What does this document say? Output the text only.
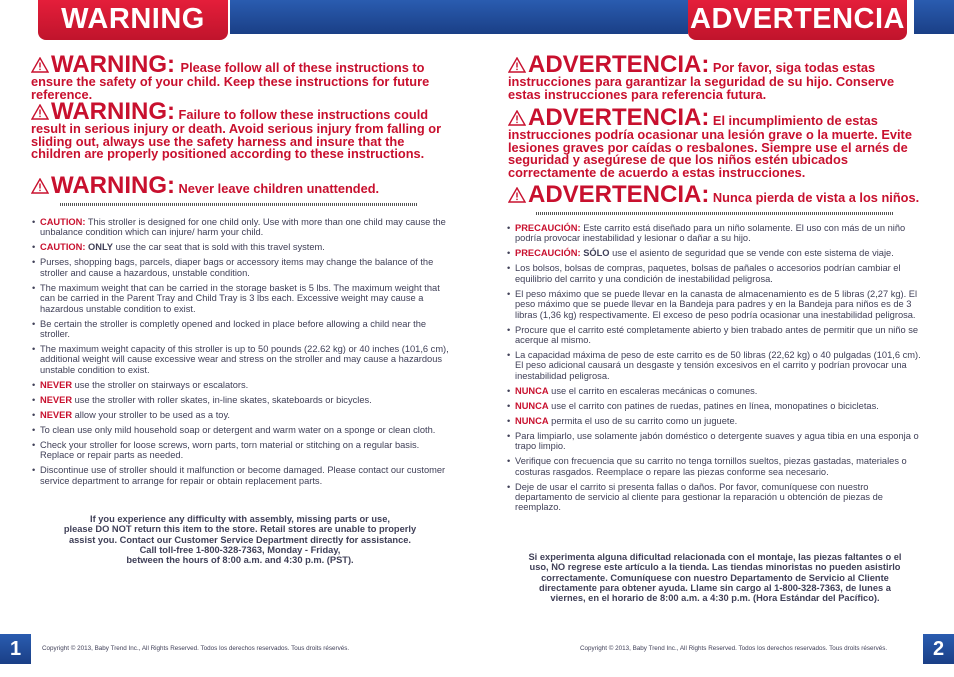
WARNING
WARNING: Please follow all of these instructions to ensure the safety of your child. Keep these instructions for future reference.
WARNING: Failure to follow these instructions could result in serious injury or death. Avoid serious injury from falling or sliding out, always use the safety harness and insure that the children are properly positioned according to these instructions.
WARNING: Never leave children unattended.
• CAUTION: This stroller is designed for one child only. Use with more than one child may cause the unbalance condition which can injure/ harm your child.
• CAUTION: ONLY use the car seat that is sold with this travel system.
• Purses, shopping bags, parcels, diaper bags or accessory items may change the balance of the stroller and cause a hazardous, unstable condition.
• The maximum weight that can be carried in the storage basket is 5 lbs. The maximum weight that can be carried in the Parent Tray and Child Tray is 3 lbs each. Excessive weight may cause a hazardous unstable condition to exist.
• Be certain the stroller is completly opened and locked in place before allowing a child near the stroller.
• The maximum weight capacity of this stroller is up to 50 pounds (22.62 kg) or 40 inches (101,6 cm), additional weight will cause excessive wear and stress on the stroller and may cause a hazardous unstable condition to exist.
• NEVER use the stroller on stairways or escalators.
• NEVER use the stroller with roller skates, in-line skates, skateboards or bicycles.
• NEVER allow your stroller to be used as a toy.
• To clean use only mild household soap or detergent and warm water on a sponge or clean cloth.
• Check your stroller for loose screws, worn parts, torn material or stitching on a regular basis. Replace or repair parts as needed.
• Discontinue use of stroller should it malfunction or become damaged. Please contact our customer service department to arrange for repair or obtain replacement parts.
If you experience any difficulty with assembly, missing parts or use,
please DO NOT return this item to the store. Retail stores are unable to properly
assist you. Contact our Customer Service Department directly for assistance.
Call toll-free 1-800-328-7363, Monday - Friday,
between the hours of 8:00 a.m. and 4:30 p.m. (PST).
1	Copyright © 2013, Baby Trend Inc., All Rights Reserved. Todos los derechos reservados. Tous droits réservés.
ADVERTENCIA
ADVERTENCIA: Por favor, siga todas estas instrucciones para garantizar la seguridad de su hijo. Conserve estas instrucciones para referencia futura.
ADVERTENCIA: El incumplimiento de estas instrucciones podría ocasionar una lesión grave o la muerte. Evite lesiones graves por caídas o resbalones. Siempre use el arnés de seguridad y asegúrese de que los niños estén ubicados correctamente de acuerdo a estas instrucciones.
ADVERTENCIA: Nunca pierda de vista a los niños.
• PRECAUCIÓN: Este carrito está diseñado para un niño solamente. El uso con más de un niño podría provocar inestabilidad y lesionar o dañar a su hijo.
• PRECAUCIÓN: SÓLO use el asiento de seguridad que se vende con este sistema de viaje.
• Los bolsos, bolsas de compras, paquetes, bolsas de pañales o accesorios podrían cambiar el equilibrio del carrito y una condición de inestabilidad peligrosa.
• El peso máximo que se puede llevar en la canasta de almacenamiento es de 5 libras (2,27 kg). El peso máximo que se puede llevar en la Bandeja para padres y en la Bandeja para niños es de 3 libras (1,36 kg) respectivamente. El exceso de peso podría ocasionar una inestabilidad peligrosa.
• Procure que el carrito esté completamente abierto y bien trabado antes de permitir que un niño se acerque al mismo.
• La capacidad máxima de peso de este carrito es de 50 libras (22,62 kg) o 40 pulgadas (101,6 cm). El peso adicional causará un desgaste y tensión excesivos en el carrito y podrían provocar una inestabilidad peligrosa.
• NUNCA use el carrito en escaleras mecánicas o comunes.
• NUNCA use el carrito con patines de ruedas, patines en línea, monopatines o bicicletas.
• NUNCA permita el uso de su carrito como un juguete.
• Para limpiarlo, use solamente jabón doméstico o detergente suaves y agua tibia en una esponja o trapo limpio.
• Verifique con frecuencia que su carrito no tenga tornillos sueltos, piezas gastadas, materiales o costuras rasgados. Reemplace o repare las piezas conforme sea necesario.
• Deje de usar el carrito si presenta fallas o daños. Por favor, comuníquese con nuestro departamento de servicio al cliente para gestionar la reparación u obtención de piezas de reemplazo.
Si experimenta alguna dificultad relacionada con el montaje, las piezas faltantes o el
uso, NO regrese este artículo a la tienda. Las tiendas minoristas no pueden asistirlo
correctamente. Comuníquese con nuestro Departamento de Servicio al Cliente
directamente para obtener ayuda. Llame sin cargo al 1-800-328-7363, de lunes a
viernes, en el horario de 8:00 a.m. a 4:30 p.m. (Hora Estándar del Pacífico).
2
Copyright © 2013, Baby Trend Inc., All Rights Reserved. Todos los derechos reservados. Tous droits réservés.
